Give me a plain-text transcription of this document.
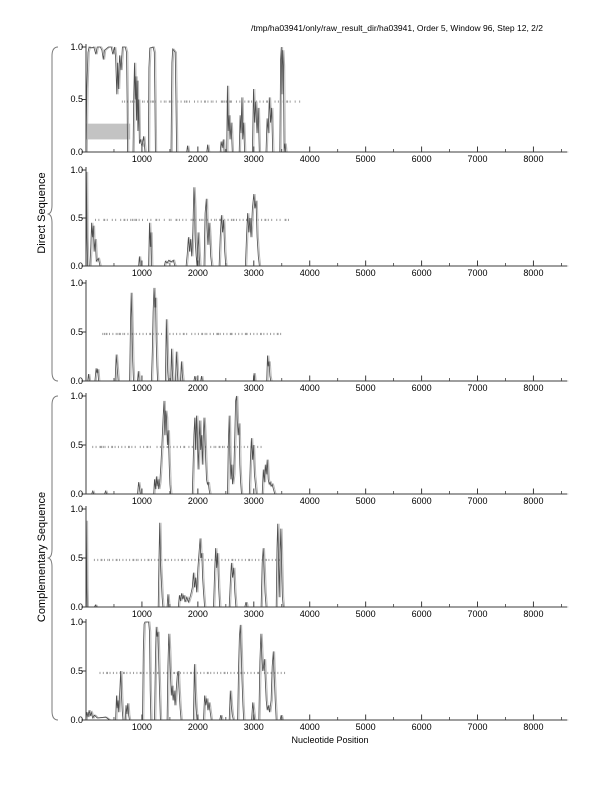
/tmp/ha03941/only/raw_result_dir/ha03941, Order 5, Window 96, Step 12, 2/2
1000	2000	3000	4000	5000	6000	7000	8000
1.0
0.5
0.0
1000	2000	3000	4000	5000	6000	7000	8000
1.0
0.5
0.0
1000	2000	3000	4000	5000	6000	7000	8000
1.0
0.5
0.0
1000	2000	3000	4000	5000	6000	7000	8000
1.0
0.5
0.0
1000	2000	3000	4000	5000	6000	7000	8000
1.0
0.5
0.0
1000	2000	3000	4000	5000	6000	7000	8000
1.0
0.5
0.0
Direct Sequence
Complementary Sequence
Nucleotide Position
